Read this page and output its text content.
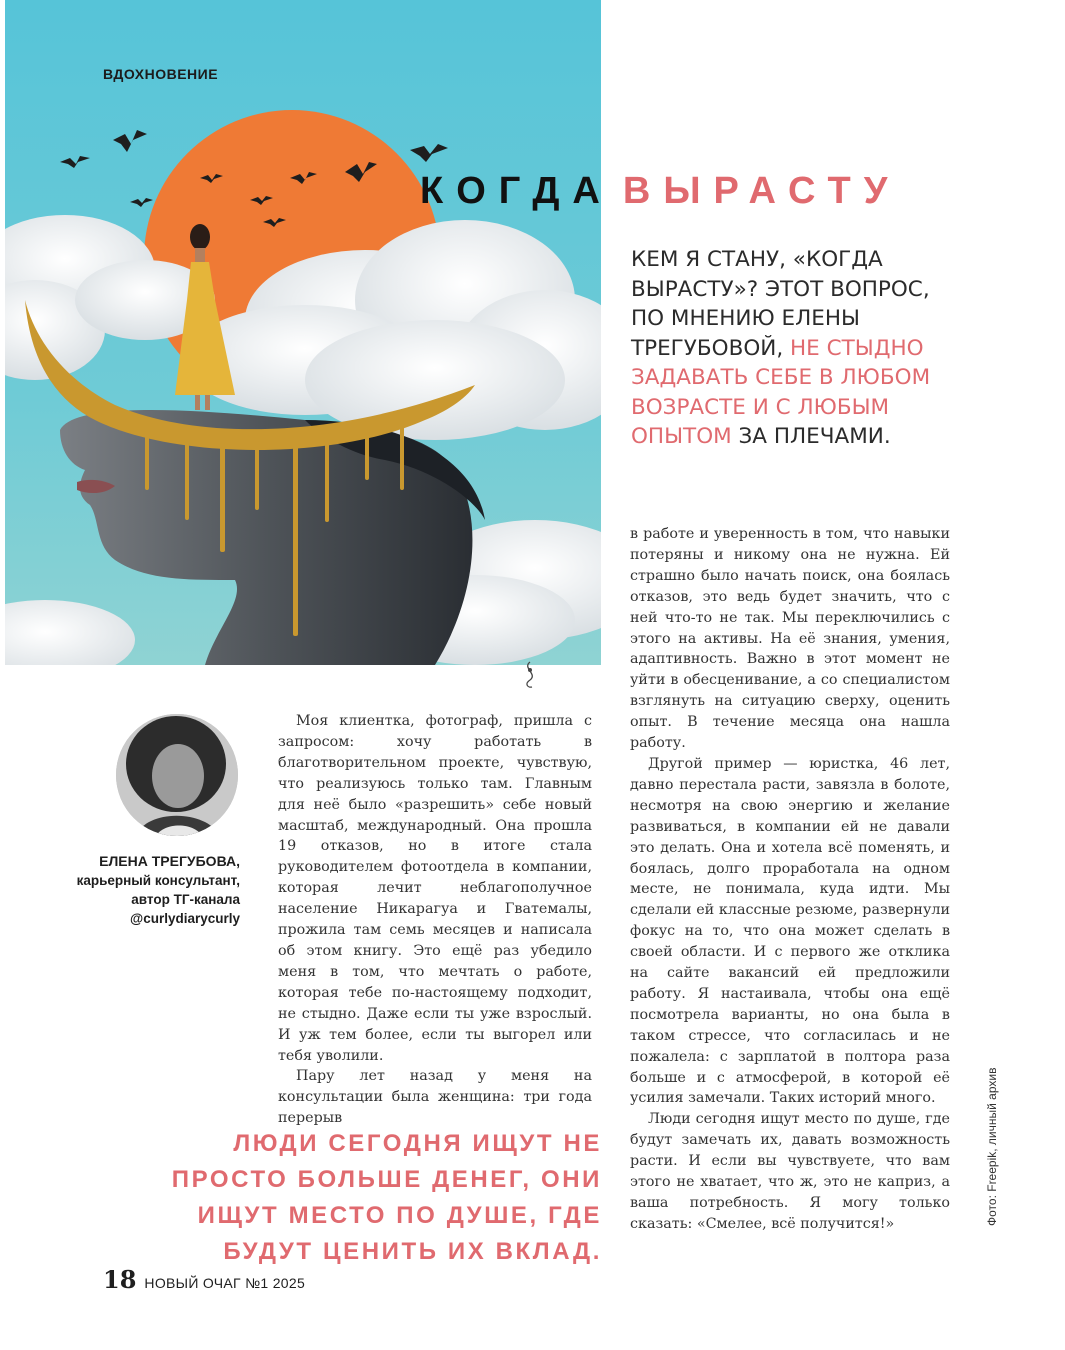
ВДОХНОВЕНИЕ
КОГДА ВЫРАСТУ
КЕМ Я СТАНУ, «КОГДА ВЫРАСТУ»? ЭТОТ ВОПРОС, ПО МНЕНИЮ ЕЛЕНЫ ТРЕГУБОВОЙ, НЕ СТЫДНО ЗАДАВАТЬ СЕБЕ В ЛЮБОМ ВОЗРАСТЕ И С ЛЮБЫМ ОПЫТОМ ЗА ПЛЕЧАМИ.
ЕЛЕНА ТРЕГУБОВА,
карьерный консультант, автор ТГ-канала @curlydiarycurly

Моя клиентка, фотограф, пришла с запросом: хочу работать в благотворительном проекте, чувствую, что реализуюсь только там. Главным для неё было «разрешить» себе новый масштаб, международный. Она прошла 19 отказов, но в итоге стала руководителем фотоотдела в компании, которая лечит неблагополучное население Никарагуа и Гватемалы, прожила там семь месяцев и написала об этом книгу. Это ещё раз убедило меня в том, что мечтать о работе, которая тебе по-настоящему подходит, не стыдно. Даже если ты уже взрослый. И уж тем более, если ты выгорел или тебя уволили.

Пару лет назад у меня на консультации была женщина: три года перерыв

в работе и уверенность в том, что навыки потеряны и никому она не нужна. Ей страшно было начать поиск, она боялась отказов, это ведь будет значить, что с ней что-то не так. Мы переключились с этого на активы. На её знания, умения, адаптивность. Важно в этот момент не уйти в обесценивание, а со специалистом взглянуть на ситуацию сверху, оценить опыт. В течение месяца она нашла работу.

Другой пример — юристка, 46 лет, давно перестала расти, завязла в болоте, несмотря на свою энергию и желание развиваться, в компании ей не давали это делать. Она и хотела всё поменять, и боялась, долго проработала на одном месте, не понимала, куда идти. Мы сделали ей классные резюме, развернули фокус на то, что она может сделать в своей области. И с первого же отклика на сайте вакансий ей предложили работу. Я настаивала, чтобы она ещё посмотрела варианты, но она была в таком стрессе, что согласилась и не пожалела: с зарплатой в полтора раза больше и с атмосферой, в которой её усилия замечали. Таких историй много.

Люди сегодня ищут место по душе, где будут замечать их, давать возможность расти. И если вы чувствуете, что вам этого не хватает, что ж, это не каприз, а ваша потребность. Я могу только сказать: «Смелее, всё получится!»

ЛЮДИ СЕГОДНЯ ИЩУТ НЕ ПРОСТО БОЛЬШЕ ДЕНЕГ, ОНИ ИЩУТ МЕСТО ПО ДУШЕ, ГДЕ БУДУТ ЦЕНИТЬ ИХ ВКЛАД.
Фото: Freepik, личный архив
18 НОВЫЙ ОЧАГ №1 2025
